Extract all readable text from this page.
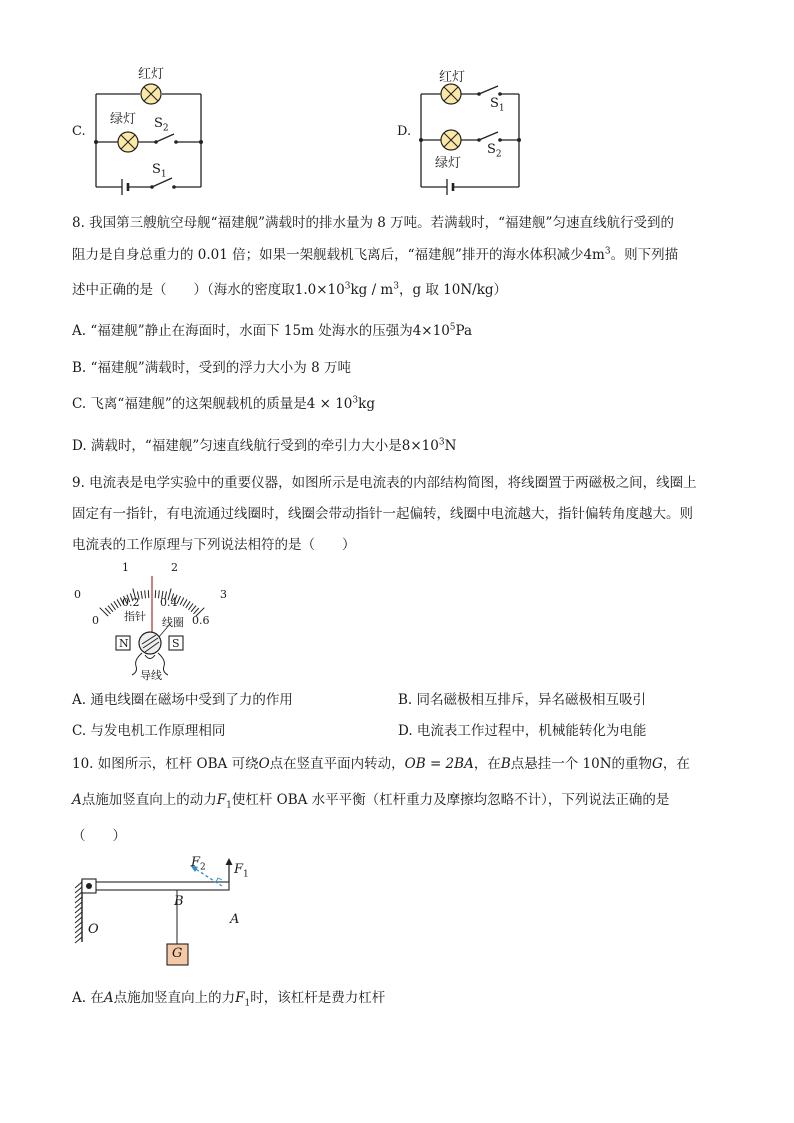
C.
红灯
绿灯 $S_2$
$S_1$
D.
红灯
$S_1$
$S_2$
绿灯
8. 我国第三艘航空母舰“福建舰”满载时的排水量为 8 万吨。若满载时，“福建舰”匀速直线航行受到的
阻力是自身总重力的 0.01 倍；如果一架舰载机飞离后，“福建舰”排开的海水体积减少$4m^3$。则下列描
述中正确的是（　　）（海水的密度取$1.0\times 10^3kg / m^3$，g 取 10N/kg）
A. “福建舰”静止在海面时，水面下 15m 处海水的压强为$4\times 10^5Pa$
B. “福建舰”满载时，受到的浮力大小为 8 万吨
C. 飞离“福建舰”的这架舰载机的质量是$4 \times 10^3kg$
D. 满载时，“福建舰”匀速直线航行受到的牵引力大小是$8\times 10^3N$
9. 电流表是电学实验中的重要仪器，如图所示是电流表的内部结构简图，将线圈置于两磁极之间，线圈上
固定有一指针，有电流通过线圈时，线圈会带动指针一起偏转，线圈中电流越大，指针偏转角度越大。则
电流表的工作原理与下列说法相符的是（　　）
0
1	2
3
0
0.2 0.4
0.6
指针 线圈
N	S
导线
A. 通电线圈在磁场中受到了力的作用	B. 同名磁极相互排斥，异名磁极相互吸引
C. 与发电机工作原理相同	D. 电流表工作过程中，机械能转化为电能
10. 如图所示，杠杆 OBA 可绕O点在竖直平面内转动，OB = 2BA，在B点悬挂一个 10N的重物G，在
A点施加竖直向上的动力$F_1$使杠杆 OBA 水平平衡（杠杆重力及摩擦均忽略不计），下列说法正确的是
（　　）
$F_2$ $F_1$
B
O
A
G
A. 在A点施加竖直向上的力$F_1$时，该杠杆是费力杠杆
